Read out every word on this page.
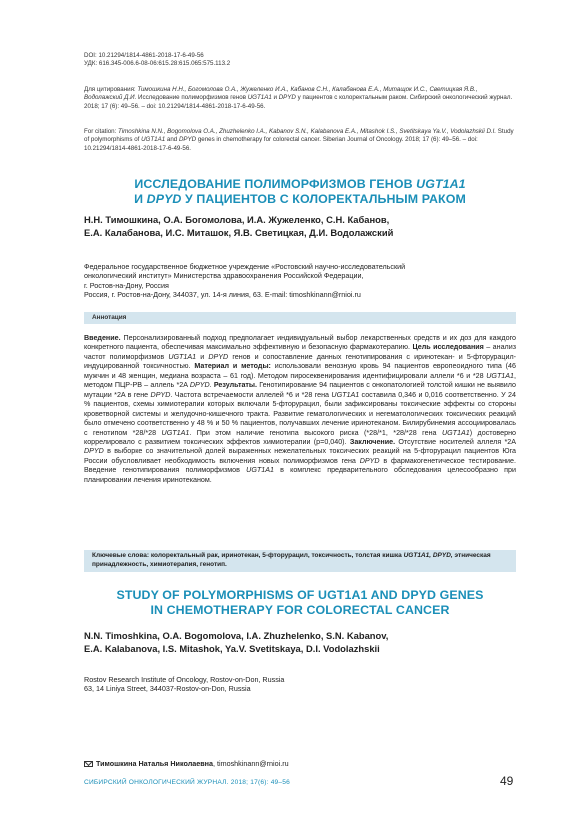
DOI: 10.21294/1814-4861-2018-17-6-49-56
УДК: 616.345-006.6-08-06:615.28:615.065:575.113.2
Для цитирования: Тимошкина Н.Н., Богомолова О.А., Жужеленко И.А., Кабанов С.Н., Калабанова Е.А., Митащок И.С., Светицкая Я.В., Водолажский Д.И. Исследование полиморфизмов генов UGT1A1 и DPYD у пациентов с колоректальным раком. Сибирский онкологический журнал. 2018; 17 (6): 49–56. – doi: 10.21294/1814-4861-2018-17-6-49-56.
For citation: Timoshkina N.N., Bogomolova O.A., Zhuzhelenko I.A., Kabanov S.N., Kalabanova E.A., Mitashok I.S., Svetitskaya Ya.V., Vodolazhskii D.I. Study of polymorphisms of UGT1A1 and DPYD genes in chemotherapy for colorectal cancer. Siberian Journal of Oncology. 2018; 17 (6): 49–56. – doi: 10.21294/1814-4861-2018-17-6-49-56.
ИССЛЕДОВАНИЕ ПОЛИМОРФИЗМОВ ГЕНОВ UGT1A1
И DPYD У ПАЦИЕНТОВ С КОЛОРЕКТАЛЬНЫМ РАКОМ
Н.Н. Тимошкина, О.А. Богомолова, И.А. Жужеленко, С.Н. Кабанов,
Е.А. Калабанова, И.С. Миташок, Я.В. Светицкая, Д.И. Водолажский
Федеральное государственное бюджетное учреждение «Ростовский научно-исследовательский
онкологический институт» Министерства здравоохранения Российской Федерации,
г. Ростов-на-Дону, Россия
Россия, г. Ростов-на-Дону, 344037, ул. 14-я линия, 63. E-mail: timoshkinann@rnioi.ru
Аннотация
Введение. Персонализированный подход предполагает индивидуальный выбор лекарственных средств и их доз для каждого конкретного пациента, обеспечивая максимально эффективную и безопасную фармакотерапию. Цель исследования – анализ частот полиморфизмов UGT1A1 и DPYD генов и сопоставление данных генотипирования с иринотекан- и 5-фторурацил-индуцированной токсичностью. Материал и методы: использовали венозную кровь 94 пациентов европеоидного типа (46 мужчин и 48 женщин, медиана возраста – 61 год). Методом пиросеквенирования идентифицировали аллели *6 и *28 UGT1A1, методом ПЦР-РВ – аллель *2A DPYD. Результаты. Генотипирование 94 пациентов с онкопатологией толстой кишки не выявило мутации *2A в гене DPYD. Частота встречаемости аллелей *6 и *28 гена UGT1A1 составила 0,346 и 0,016 соответственно. У 24 % пациентов, схемы химиотерапии которых включали 5-фторурацил, были зафиксированы токсические эффекты со стороны кроветворной системы и желудочно-кишечного тракта. Развитие гематологических и негематологических токсических реакций было отмечено соответственно у 48 % и 50 % пациентов, получавших лечение иринотеканом. Билирубинемия ассоциировалась с генотипом *28/*28 UGT1A1. При этом наличие генотипа высокого риска (*28/*1, *28/*28 гена UGT1A1) достоверно коррелировало с развитием токсических эффектов химиотерапии (р=0,040). Заключение. Отсутствие носителей аллеля *2A DPYD в выборке со значительной долей выраженных нежелательных токсических реакций на 5-фторурацил пациентов Юга России обусловливает необходимость включения новых полиморфизмов гена DPYD в фармакогенетическое тестирование. Введение генотипирования полиморфизмов UGT1A1 в комплекс предварительного обследования целесообразно при планировании лечения иринотеканом.
Ключевые слова: колоректальный рак, иринотекан, 5-фторурацил, токсичность, толстая кишка UGT1A1, DPYD, этническая принадлежность, химиотерапия, генотип.
STUDY OF POLYMORPHISMS OF UGT1A1 AND DPYD GENES
IN CHEMOTHERAPY FOR COLORECTAL CANCER
N.N. Timoshkina, O.A. Bogomolova, I.A. Zhuzhelenko, S.N. Kabanov,
E.A. Kalabanova, I.S. Mitashok, Ya.V. Svetitskaya, D.I. Vodolazhskii
Rostov Research Institute of Oncology, Rostov-on-Don, Russia
63, 14 Liniya Street, 344037-Rostov-on-Don, Russia
Тимошкина Наталья Николаевна, timoshkinann@rnioi.ru
СИБИРСКИЙ ОНКОЛОГИЧЕСКИЙ ЖУРНАЛ. 2018; 17(6): 49–56	49
